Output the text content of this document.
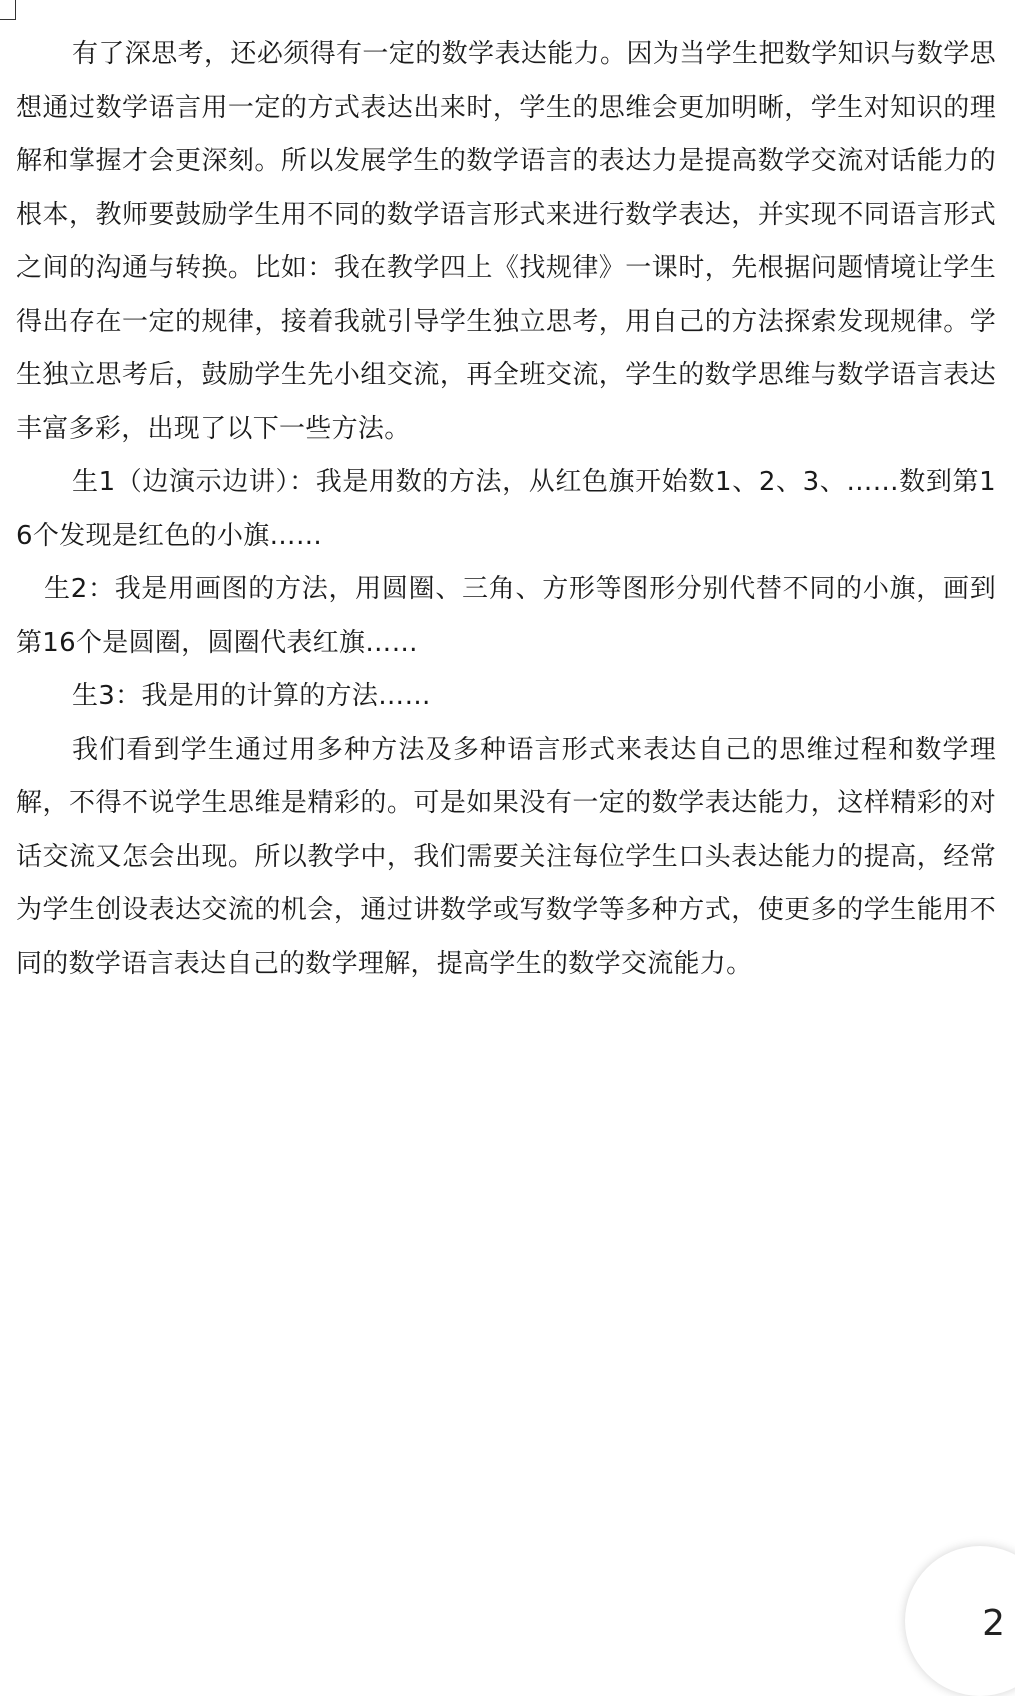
有了深思考，还必须得有一定的数学表达能力。因为当学生把数学知识与数学思想通过数学语言用一定的方式表达出来时，学生的思维会更加明晰，学生对知识的理解和掌握才会更深刻。所以发展学生的数学语言的表达力是提高数学交流对话能力的根本，教师要鼓励学生用不同的数学语言形式来进行数学表达，并实现不同语言形式之间的沟通与转换。比如：我在教学四上《找规律》一课时，先根据问题情境让学生得出存在一定的规律，接着我就引导学生独立思考，用自己的方法探索发现规律。学生独立思考后，鼓励学生先小组交流，再全班交流，学生的数学思维与数学语言表达丰富多彩，出现了以下一些方法。

生1（边演示边讲）：我是用数的方法，从红色旗开始数1、2、3、……数到第16个发现是红色的小旗……

生2：我是用画图的方法，用圆圈、三角、方形等图形分别代替不同的小旗，画到第16个是圆圈，圆圈代表红旗……

生3：我是用的计算的方法……

我们看到学生通过用多种方法及多种语言形式来表达自己的思维过程和数学理解，不得不说学生思维是精彩的。可是如果没有一定的数学表达能力，这样精彩的对话交流又怎会出现。所以教学中，我们需要关注每位学生口头表达能力的提高，经常为学生创设表达交流的机会，通过讲数学或写数学等多种方式，使更多的学生能用不同的数学语言表达自己的数学理解，提高学生的数学交流能力。

2
